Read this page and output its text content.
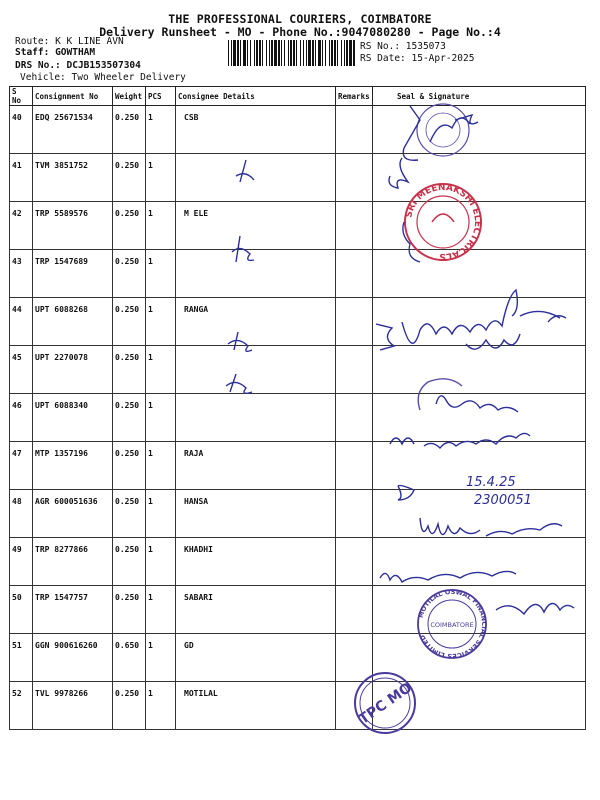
THE PROFESSIONAL COURIERS, COIMBATORE
Delivery Runsheet - MO - Phone No.:9047080280 - Page No.:4
Route: K K LINE AVN
Staff: GOWTHAM
DRS No.: DCJB153507304
Vehicle: Two Wheeler Delivery
RS No.: 1535073
RS Date: 15-Apr-2025
S No	Consignment No	Weight	PCS	Consignee Details	Remarks	Seal & Signature
40	EDQ 25671534	0.250	1	CSB		
41	TVM 3851752	0.250	1			
42	TRP 5589576	0.250	1	M ELE		
43	TRP 1547689	0.250	1			
44	UPT 6088268	0.250	1	RANGA		
45	UPT 2270078	0.250	1			
46	UPT 6088340	0.250	1			
47	MTP 1357196	0.250	1	RAJA		
48	AGR 600051636	0.250	1	HANSA		
49	TRP 8277866	0.250	1	KHADHI		
50	TRP 1547757	0.250	1	SABARI		
51	GGN 900616260	0.650	1	GD		
52	TVL 9978266	0.250	1	MOTILAL		
SRI MEENAKSHI ELECTRICALS
15.4.25
2300051
MOTILAL OSWAL FINANCIAL SERVICES LIMITED
COIMBATORE
TPC MO
